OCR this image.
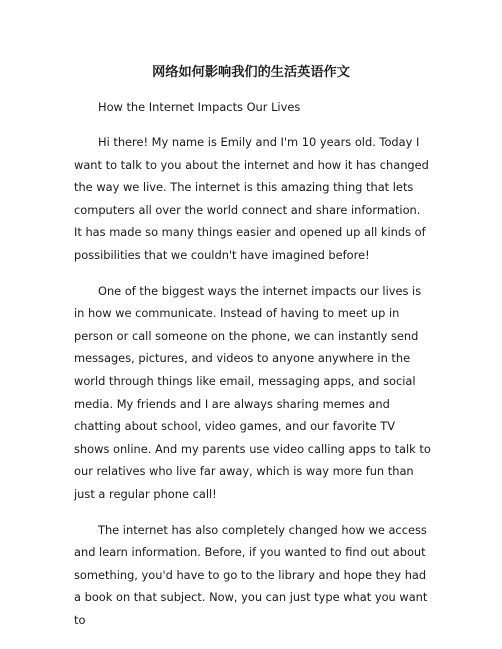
网络如何影响我们的生活英语作文
How the Internet Impacts Our Lives

Hi there! My name is Emily and I'm 10 years old. Today I want to talk to you about the internet and how it has changed the way we live. The internet is this amazing thing that lets computers all over the world connect and share information. It has made so many things easier and opened up all kinds of possibilities that we couldn't have imagined before!

One of the biggest ways the internet impacts our lives is in how we communicate. Instead of having to meet up in person or call someone on the phone, we can instantly send messages, pictures, and videos to anyone anywhere in the world through things like email, messaging apps, and social media. My friends and I are always sharing memes and chatting about school, video games, and our favorite TV shows online. And my parents use video calling apps to talk to our relatives who live far away, which is way more fun than just a regular phone call!

The internet has also completely changed how we access and learn information. Before, if you wanted to find out about something, you'd have to go to the library and hope they had a book on that subject. Now, you can just type what you want to
